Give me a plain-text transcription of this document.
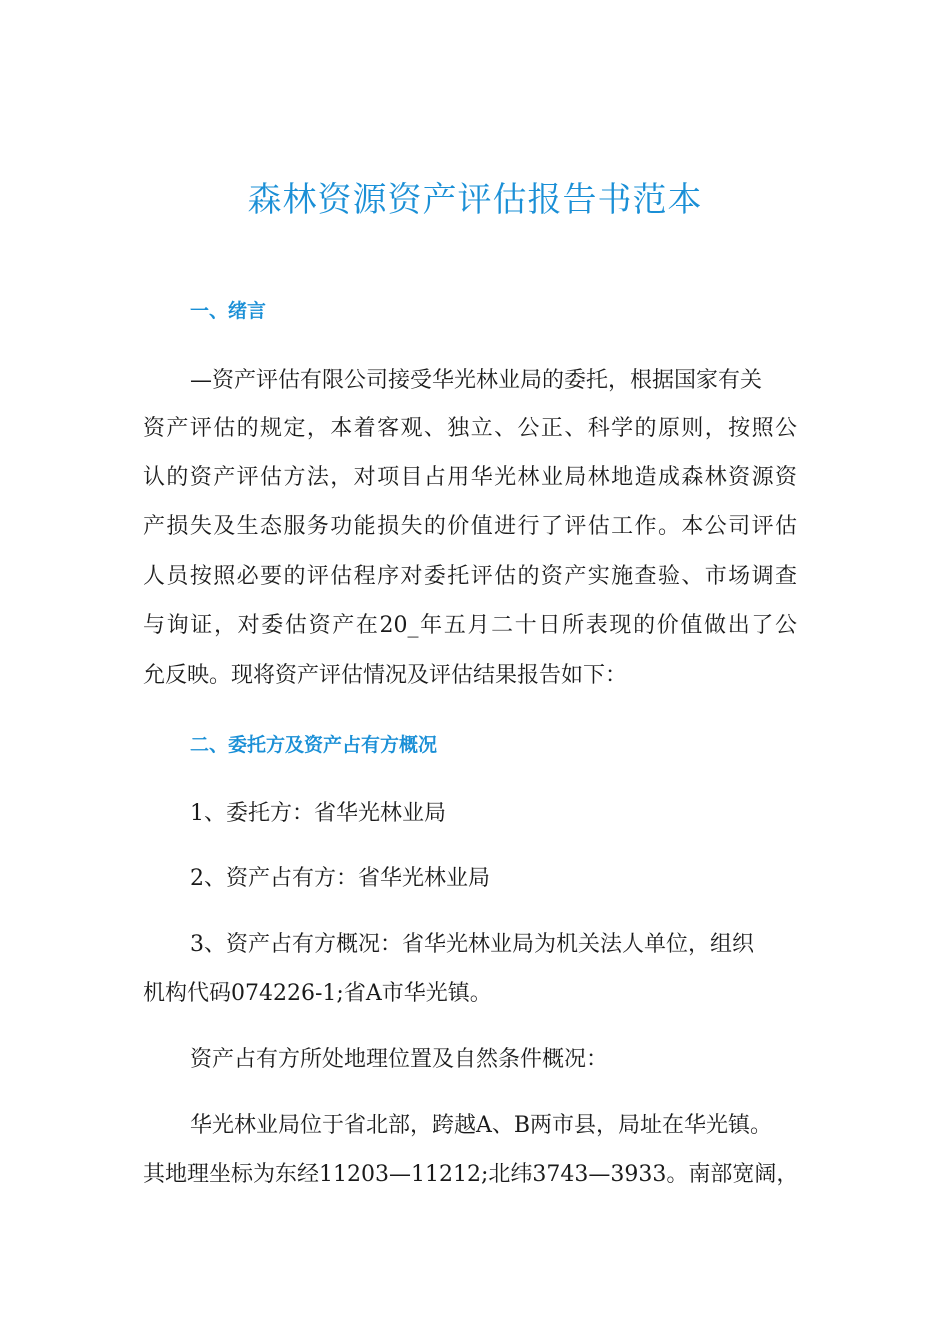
森林资源资产评估报告书范本
一、绪言
—资产评估有限公司接受华光林业局的委托，根据国家有关
资产评估的规定，本着客观、独立、公正、科学的原则，按照公
认的资产评估方法，对项目占用华光林业局林地造成森林资源资
产损失及生态服务功能损失的价值进行了评估工作。本公司评估
人员按照必要的评估程序对委托评估的资产实施查验、市场调查
与询证，对委估资产在20_年五月二十日所表现的价值做出了公
允反映。现将资产评估情况及评估结果报告如下：
二、委托方及资产占有方概况
1、委托方：省华光林业局
2、资产占有方：省华光林业局
3、资产占有方概况：省华光林业局为机关法人单位，组织
机构代码074226-1;省A市华光镇。
资产占有方所处地理位置及自然条件概况：
华光林业局位于省北部，跨越A、B两市县，局址在华光镇。
其地理坐标为东经11203—11212;北纬3743—3933。南部宽阔，
